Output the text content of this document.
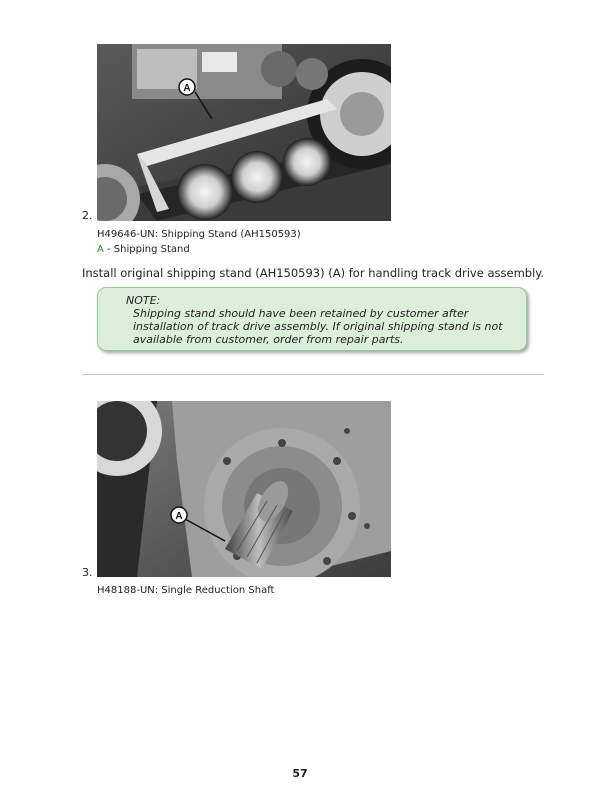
2.
A
H49646-UN: Shipping Stand (AH150593)
A - Shipping Stand
Install original shipping stand (AH150593) (A) for handling track drive assembly.
NOTE:
Shipping stand should have been retained by customer after installation of track drive assembly. If original shipping stand is not available from customer, order from repair parts.
3.
A
H48188-UN: Single Reduction Shaft
57
